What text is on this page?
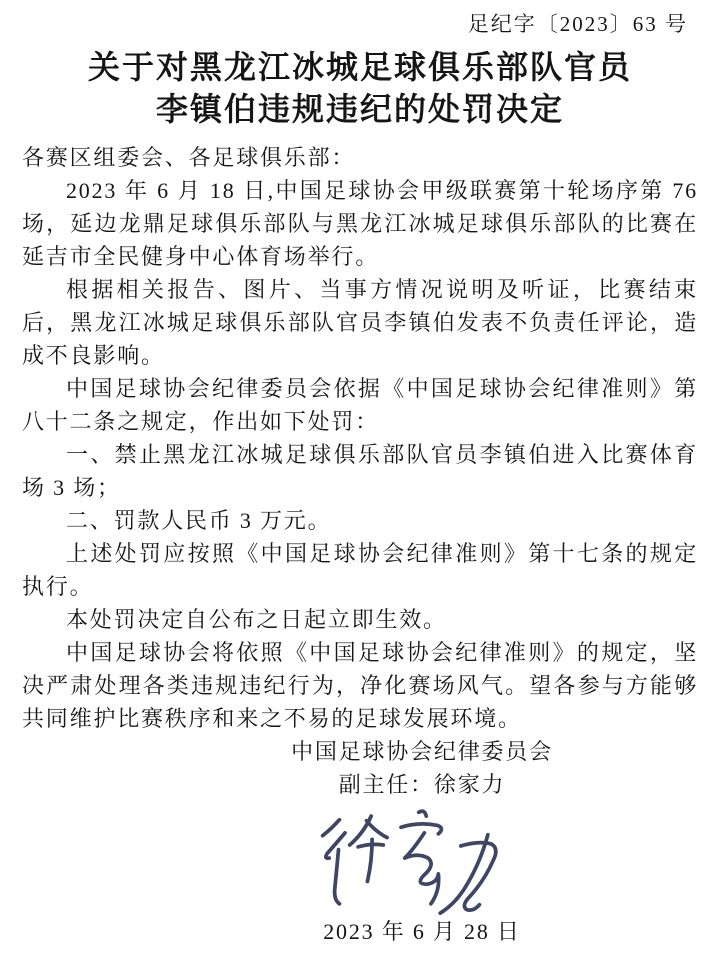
足纪字〔2023〕63 号
关于对黑龙江冰城足球俱乐部队官员
李镇伯违规违纪的处罚决定

各赛区组委会、各足球俱乐部：

2023 年 6 月 18 日,中国足球协会甲级联赛第十轮场序第 76 场，延边龙鼎足球俱乐部队与黑龙江冰城足球俱乐部队的比赛在延吉市全民健身中心体育场举行。

根据相关报告、图片、当事方情况说明及听证，比赛结束后，黑龙江冰城足球俱乐部队官员李镇伯发表不负责任评论，造成不良影响。

中国足球协会纪律委员会依据《中国足球协会纪律准则》第八十二条之规定，作出如下处罚：

一、禁止黑龙江冰城足球俱乐部队官员李镇伯进入比赛体育场 3 场；

二、罚款人民币 3 万元。

上述处罚应按照《中国足球协会纪律准则》第十七条的规定执行。

本处罚决定自公布之日起立即生效。

中国足球协会将依照《中国足球协会纪律准则》的规定，坚决严肃处理各类违规违纪行为，净化赛场风气。望各参与方能够共同维护比赛秩序和来之不易的足球发展环境。

中国足球协会纪律委员会
副主任：徐家力
2023 年 6 月 28 日
